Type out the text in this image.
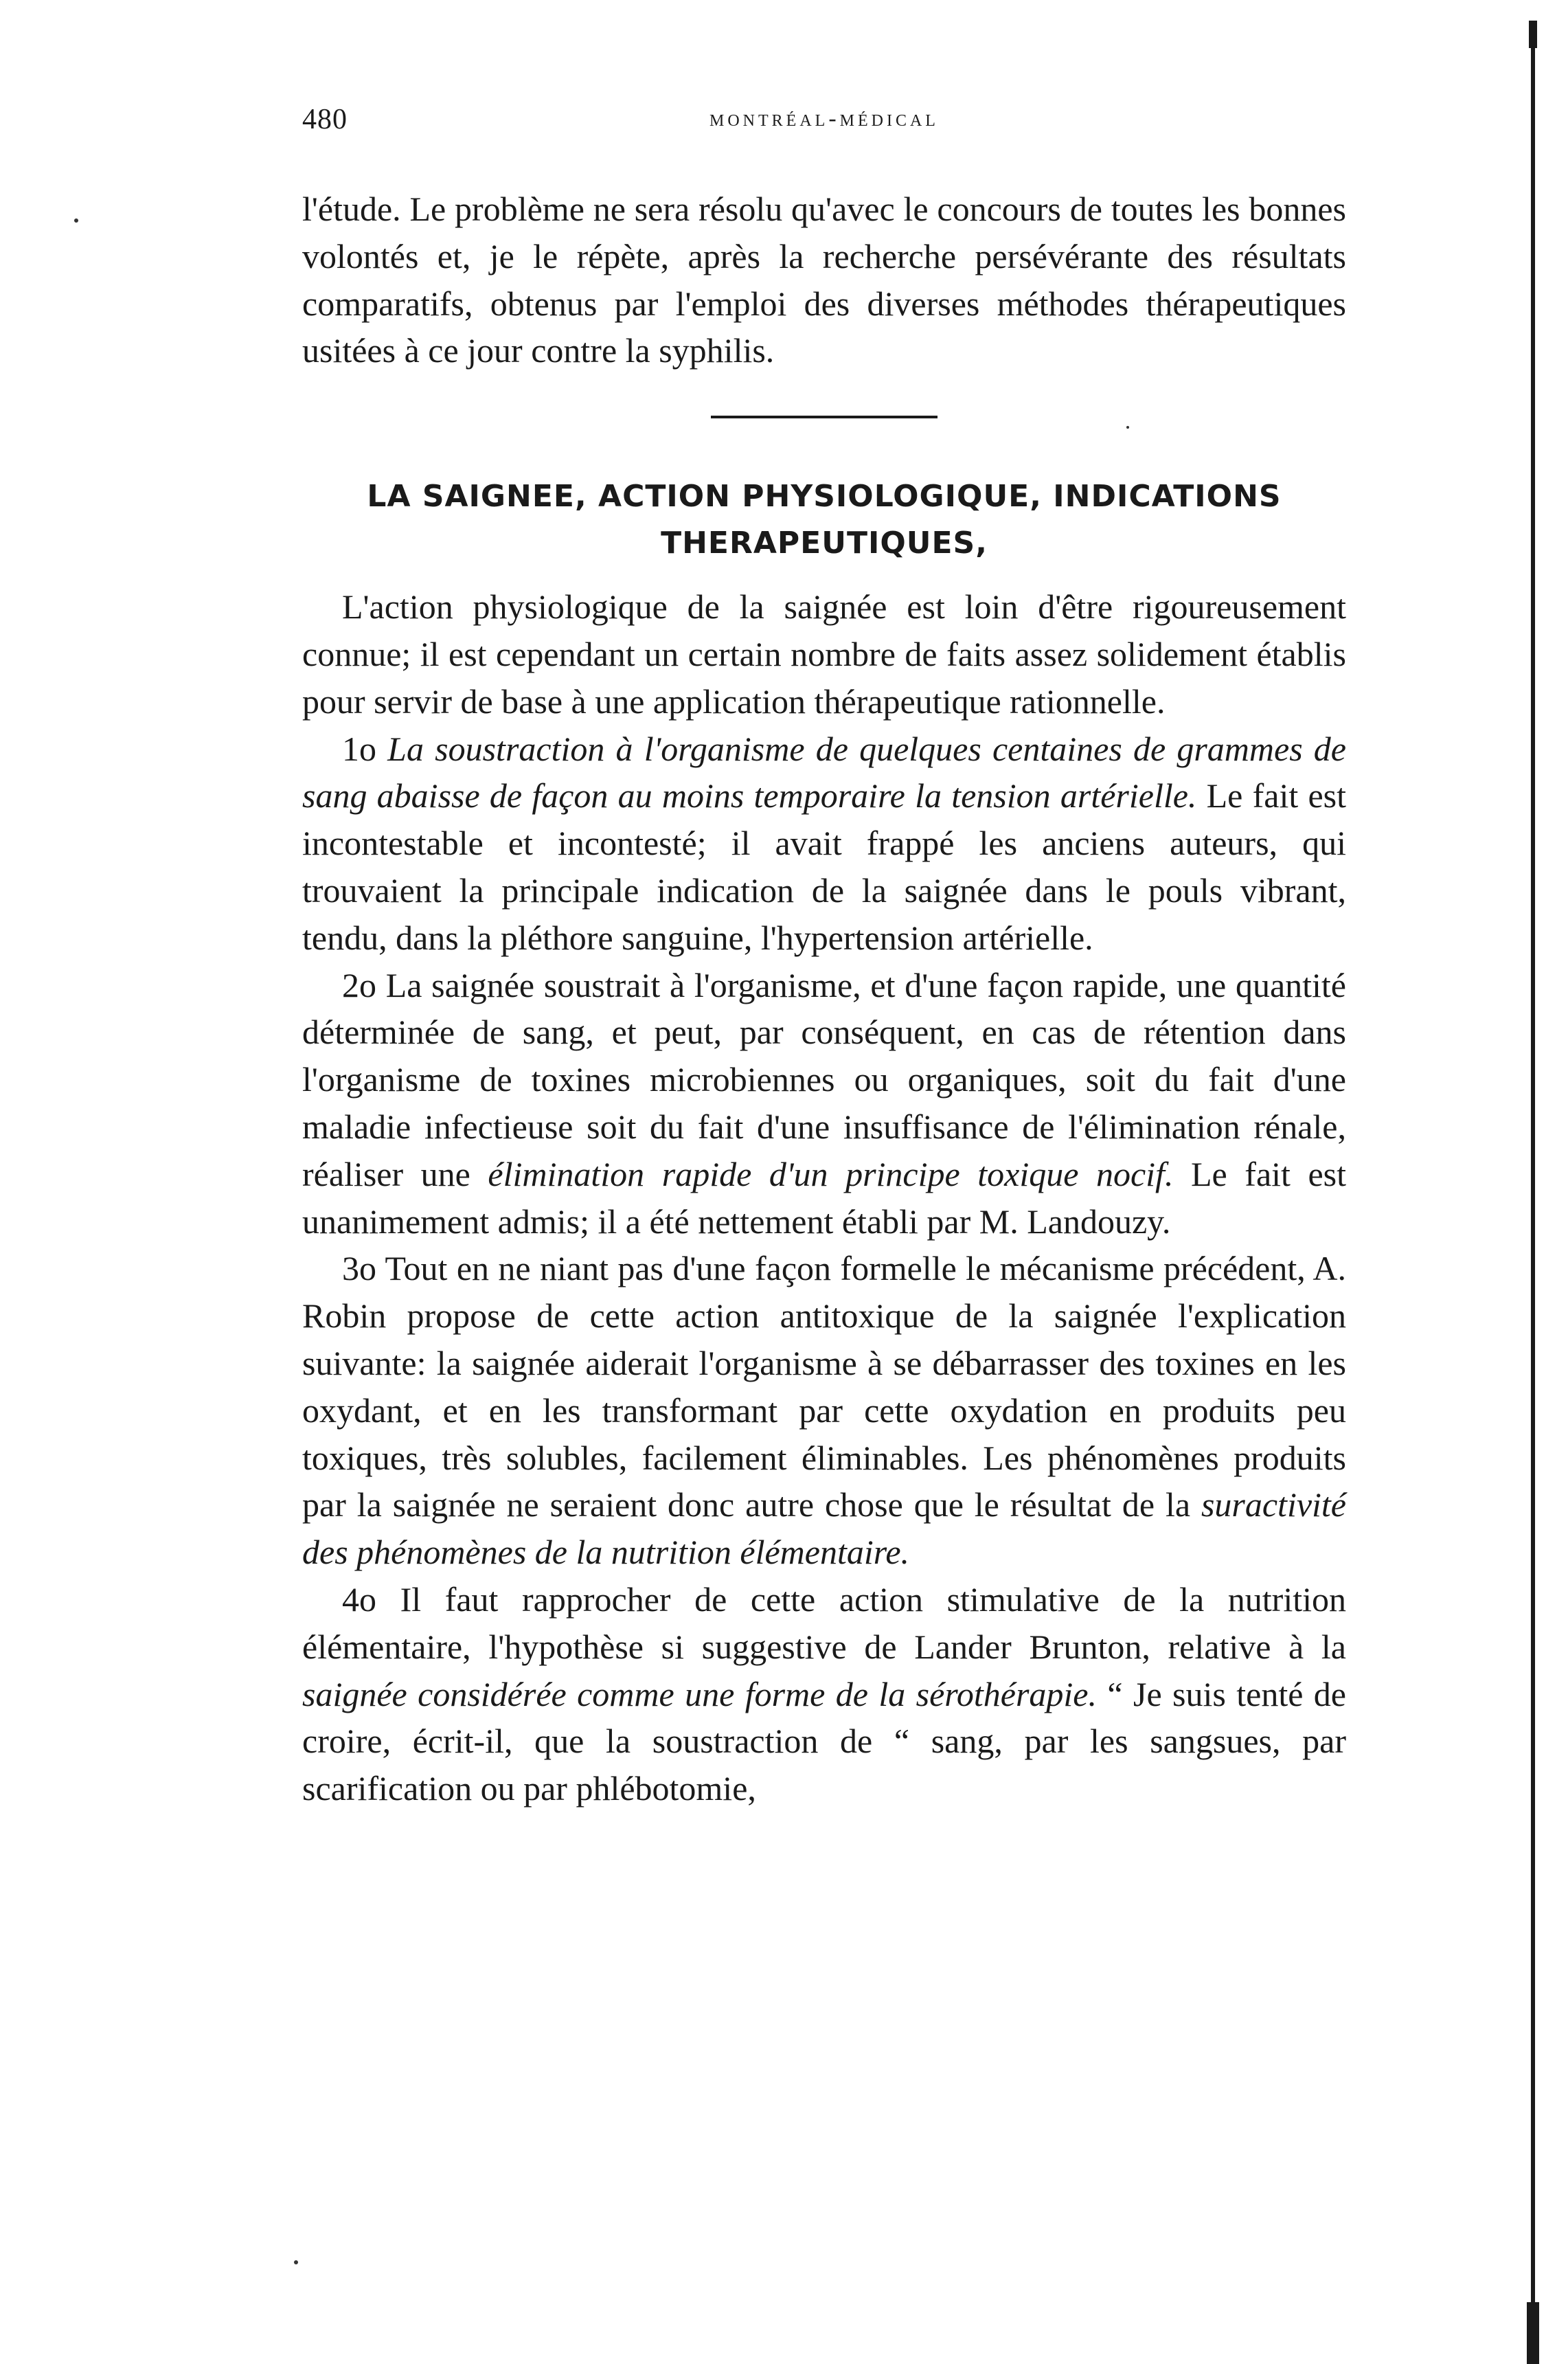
480	montréal-médical

l'étude. Le problème ne sera résolu qu'avec le concours de toutes les bonnes volontés et, je le répète, après la recherche persévérante des résultats comparatifs, obtenus par l'emploi des diverses méthodes thérapeutiques usitées à ce jour contre la syphilis.

LA SAIGNEE, ACTION PHYSIOLOGIQUE, INDICATIONS
THERAPEUTIQUES,

L'action physiologique de la saignée est loin d'être rigoureusement connue; il est cependant un certain nombre de faits assez solidement établis pour servir de base à une application thérapeutique rationnelle.

1o La soustraction à l'organisme de quelques centaines de grammes de sang abaisse de façon au moins temporaire la tension artérielle. Le fait est incontestable et incontesté; il avait frappé les anciens auteurs, qui trouvaient la principale indication de la saignée dans le pouls vibrant, tendu, dans la pléthore sanguine, l'hypertension artérielle.

2o La saignée soustrait à l'organisme, et d'une façon rapide, une quantité déterminée de sang, et peut, par conséquent, en cas de rétention dans l'organisme de toxines microbiennes ou organiques, soit du fait d'une maladie infectieuse soit du fait d'une insuffisance de l'élimination rénale, réaliser une élimination rapide d'un principe toxique nocif. Le fait est unanimement admis; il a été nettement établi par M. Landouzy.

3o Tout en ne niant pas d'une façon formelle le mécanisme précédent, A. Robin propose de cette action antitoxique de la saignée l'explication suivante: la saignée aiderait l'organisme à se débarrasser des toxines en les oxydant, et en les transformant par cette oxydation en produits peu toxiques, très solubles, facilement éliminables. Les phénomènes produits par la saignée ne seraient donc autre chose que le résultat de la suractivité des phénomènes de la nutrition élémentaire.

4o Il faut rapprocher de cette action stimulative de la nutrition élémentaire, l'hypothèse si suggestive de Lander Brunton, relative à la saignée considérée comme une forme de la sérothérapie. “ Je suis tenté de croire, écrit-il, que la soustraction de “ sang, par les sangsues, par scarification ou par phlébotomie,
